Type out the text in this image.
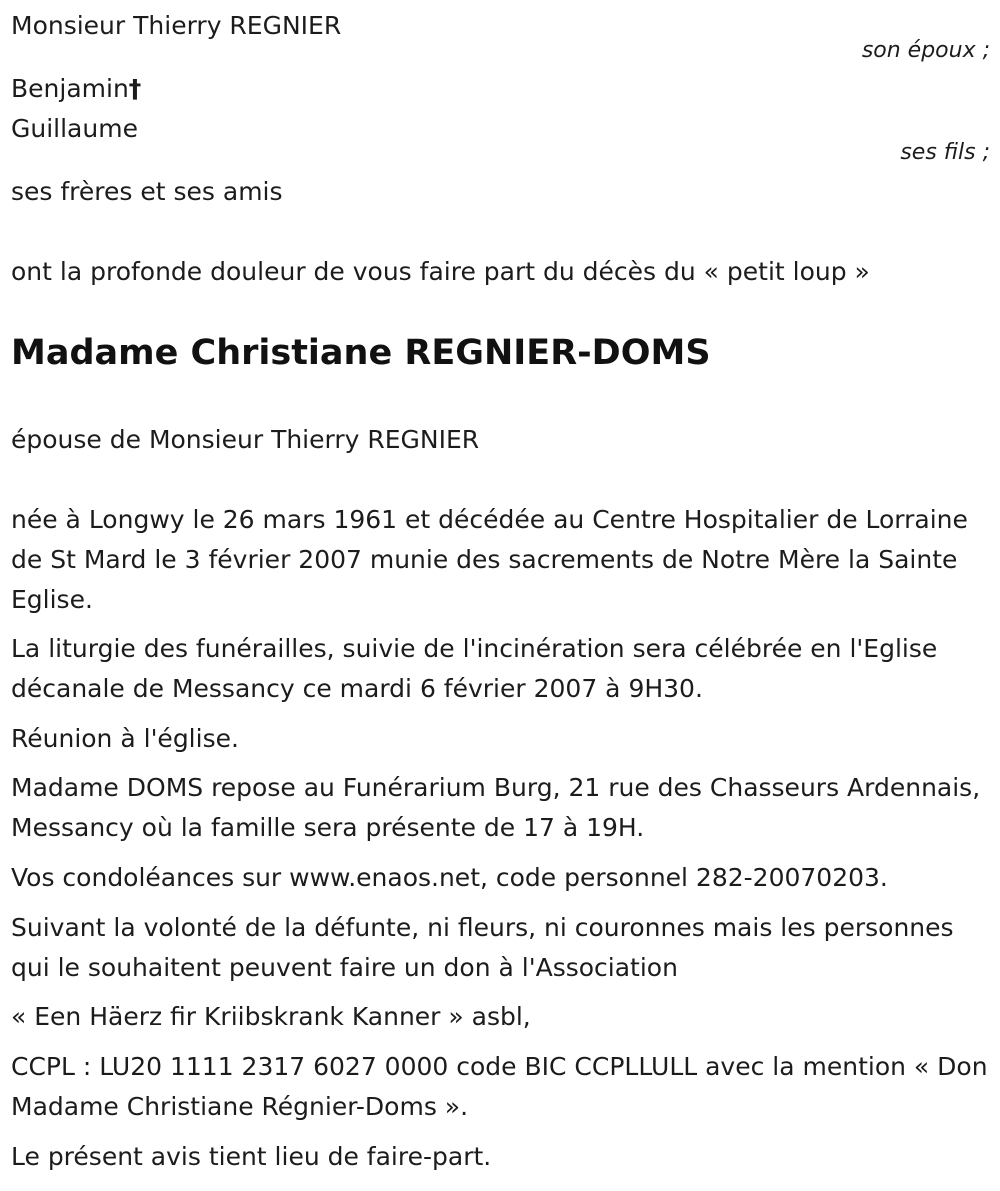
Monsieur Thierry REGNIER
son époux ;
Benjamin†
Guillaume
ses fils ;
ses frères et ses amis
ont la profonde douleur de vous faire part du décès du « petit loup »
Madame Christiane REGNIER-DOMS
épouse de Monsieur Thierry REGNIER
née à Longwy le 26 mars 1961 et décédée au Centre Hospitalier de Lorraine de St Mard le 3 février 2007 munie des sacrements de Notre Mère la Sainte Eglise.
La liturgie des funérailles, suivie de l'incinération sera célébrée en l'Eglise décanale de Messancy ce mardi 6 février 2007 à 9H30.
Réunion à l'église.
Madame DOMS repose au Funérarium Burg, 21 rue des Chasseurs Ardennais, Messancy où la famille sera présente de 17 à 19H.
Vos condoléances sur www.enaos.net, code personnel 282-20070203.
Suivant la volonté de la défunte, ni fleurs, ni couronnes mais les personnes qui le souhaitent peuvent faire un don à l'Association
« Een Häerz fir Kriibskrank Kanner » asbl,
CCPL : LU20 1111 2317 6027 0000 code BIC CCPLLULL avec la mention « Don Madame Christiane Régnier-Doms ».
Le présent avis tient lieu de faire-part.
